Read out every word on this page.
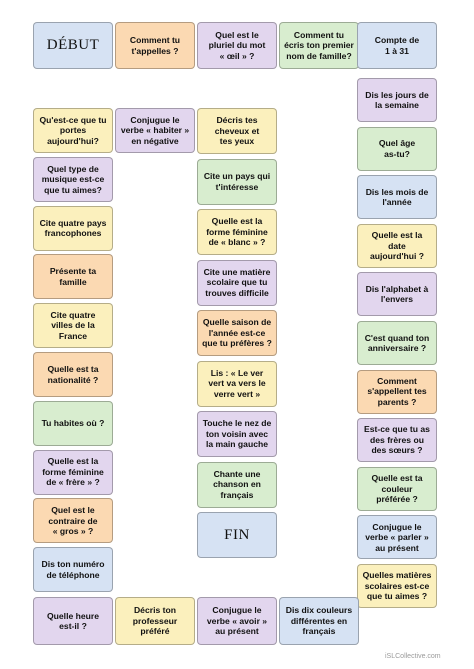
DÉBUT	Comment tu
t'appelles ?
Quel est le
pluriel du mot
« œil » ?
Comment tu
écris ton premier
nom de famille?
Compte de
1 à 31
Dis les jours de
la semaine
Quel âge
as-tu?
Dis les mois de
l'année
Quelle est la
date
aujourd'hui ?
Dis l'alphabet à
l'envers
C'est quand ton
anniversaire ?
Comment
s'appellent tes
parents ?
Est-ce que tu as
des frères ou
des sœurs ?
Quelle est ta
couleur
préférée ?
Conjugue le
verbe « parler »
au présent
Quelles matières
scolaires est-ce
que tu aimes ?
Dis dix couleurs
différentes en
français
Conjugue le
verbe « avoir »
au présent
Décris ton
professeur
préféré
Quelle heure
est-il ?
Dis ton numéro
de téléphone
Quel est le
contraire de
« gros » ?
Quelle est la
forme féminine
de « frère » ?
Tu habites où ?
Quelle est ta
nationalité ?
Cite quatre
villes de la
France
Présente ta
famille
Cite quatre pays
francophones
Quel type de
musique est-ce
que tu aimes?
Qu'est-ce que tu
portes
aujourd'hui?
Conjugue le
verbe « habiter »
en négative
Décris tes
cheveux et
tes yeux
Cite un pays qui
t'intéresse
Quelle est la
forme féminine
de « blanc » ?
Cite une matière
scolaire que tu
trouves difficile
Quelle saison de
l'année est-ce
que tu préfères ?
Lis : « Le ver
vert va vers le
verre vert »
Touche le nez de
ton voisin avec
la main gauche
Chante une
chanson en
français
FIN
iSLCollective.com
